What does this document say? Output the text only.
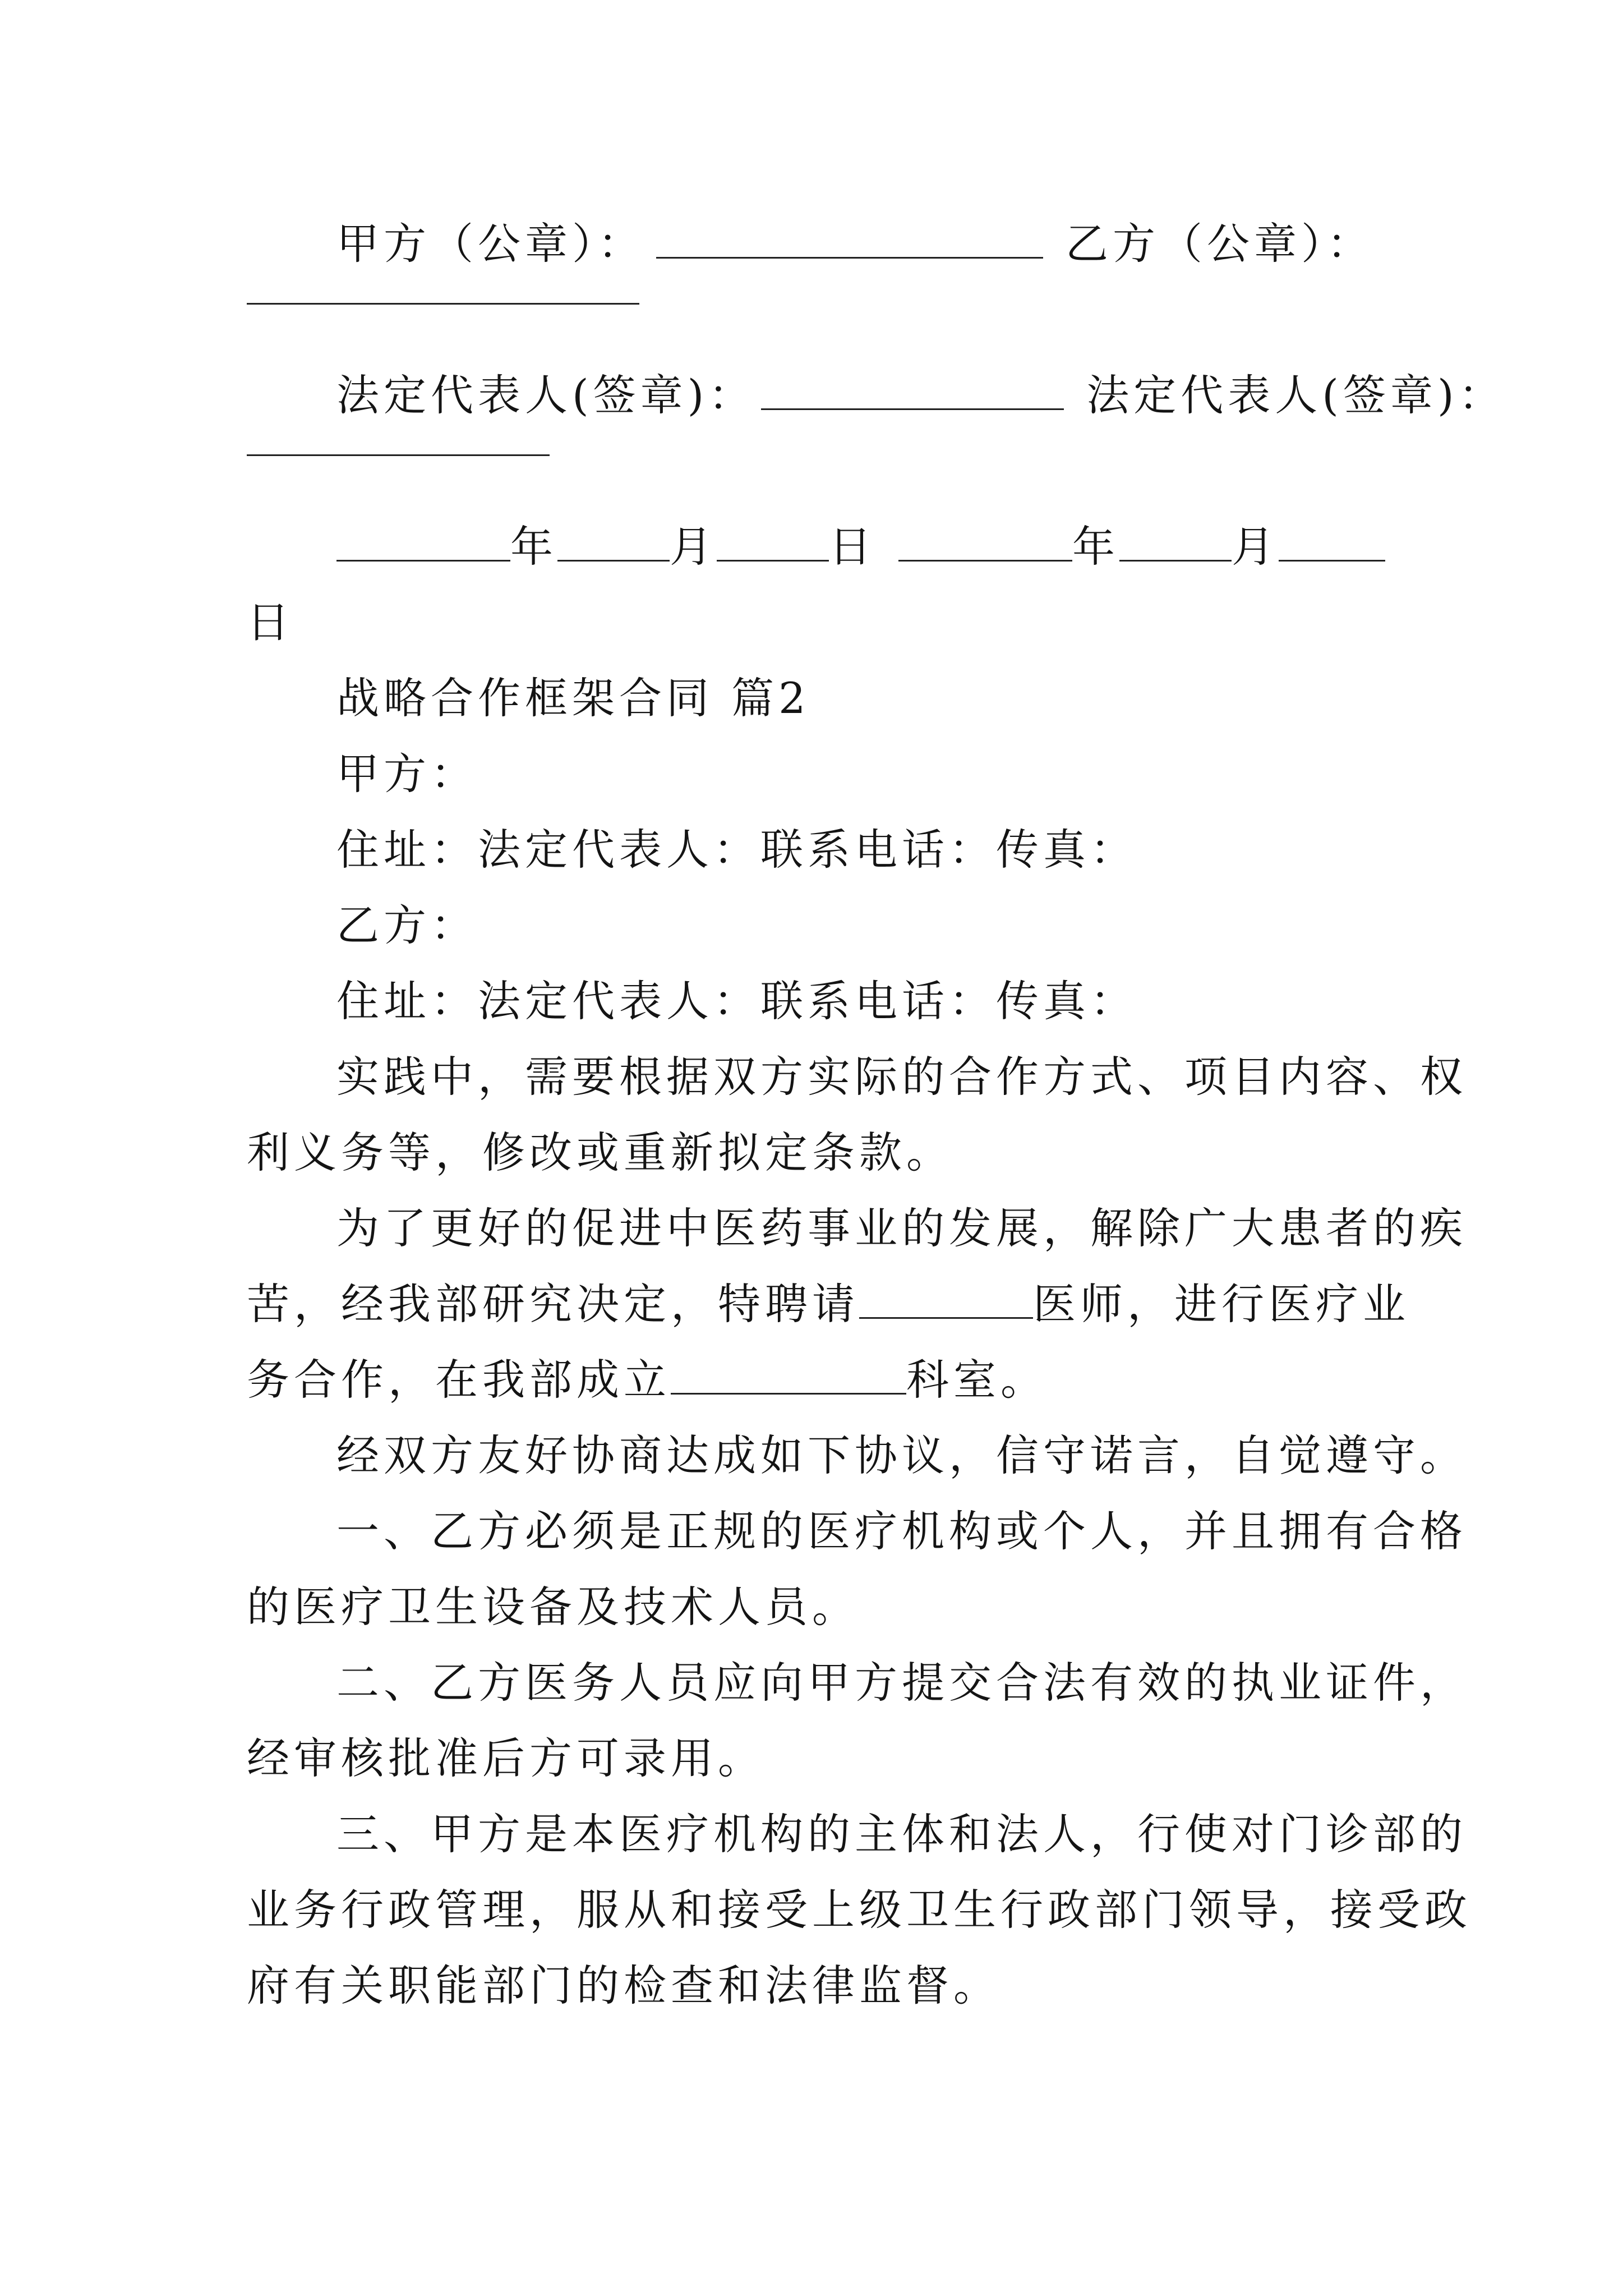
甲方（公章）：	乙方（公章）：
法定代表人(签章)：	法定代表人(签章)：
年	月	日	年	月
日
战略合作框架合同 篇2
甲方：
住址：法定代表人：联系电话：传真：
乙方：
住址：法定代表人：联系电话：传真：
实践中，需要根据双方实际的合作方式、项目内容、权
利义务等，修改或重新拟定条款。
为了更好的促进中医药事业的发展，解除广大患者的疾
苦，经我部研究决定，特聘请	医师，进行医疗业
务合作，在我部成立	科室。
经双方友好协商达成如下协议，信守诺言，自觉遵守。
一、乙方必须是正规的医疗机构或个人，并且拥有合格
的医疗卫生设备及技术人员。
二、乙方医务人员应向甲方提交合法有效的执业证件，
经审核批准后方可录用。
三、甲方是本医疗机构的主体和法人，行使对门诊部的
业务行政管理，服从和接受上级卫生行政部门领导，接受政
府有关职能部门的检查和法律监督。
